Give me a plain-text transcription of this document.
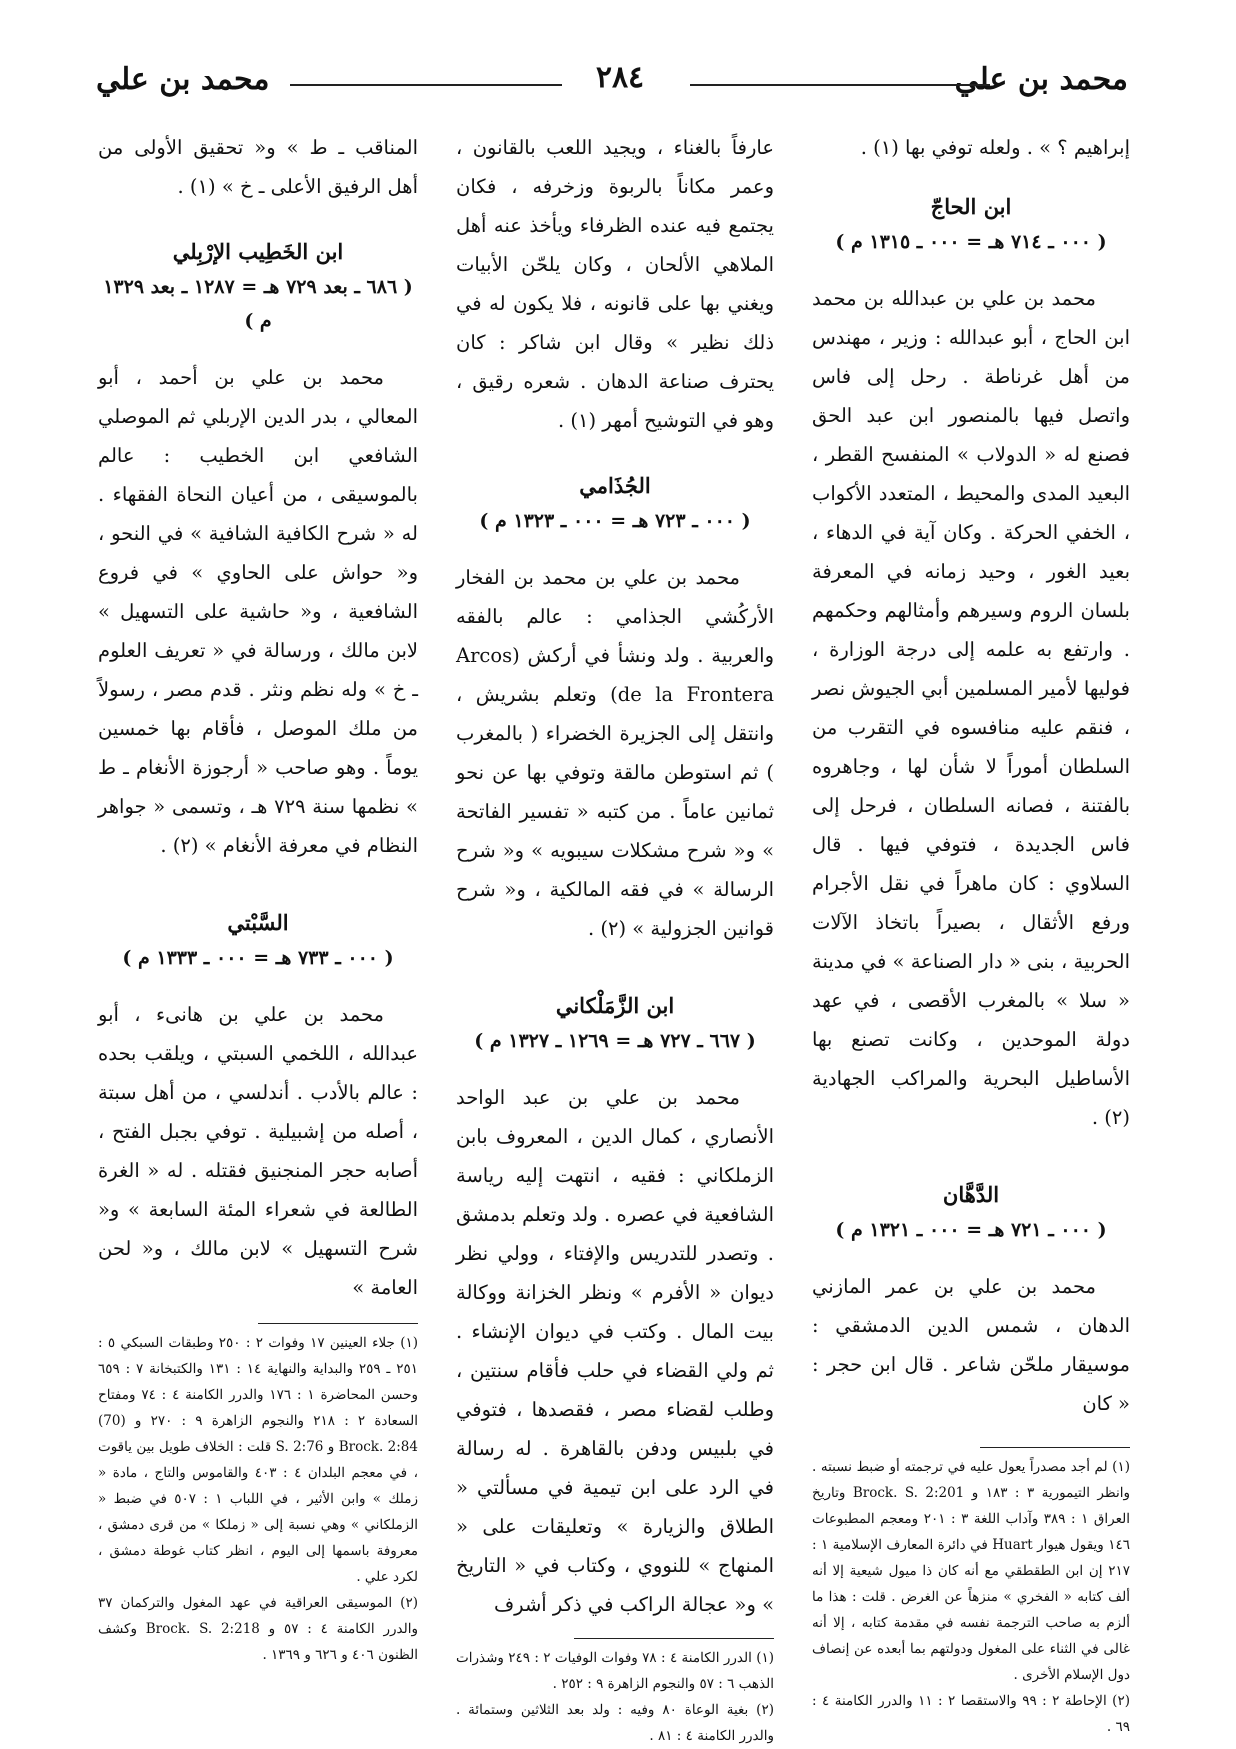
محمد بن علي
٢٨٤
محمد بن علي

إبراهيم ؟ » . ولعله توفي بها (١) .

ابن الحاجّ

( ٠٠٠ ـ ٧١٤ هـ = ٠٠٠ ـ ١٣١٥ م )

محمد بن علي بن عبدالله بن محمد ابن الحاج ، أبو عبدالله : وزير ، مهندس من أهل غرناطة . رحل إلى فاس واتصل فيها بالمنصور ابن عبد الحق فصنع له « الدولاب » المنفسح القطر ، البعيد المدى والمحيط ، المتعدد الأكواب ، الخفي الحركة . وكان آية في الدهاء ، بعيد الغور ، وحيد زمانه في المعرفة بلسان الروم وسيرهم وأمثالهم وحكمهم . وارتفع به علمه إلى درجة الوزارة ، فوليها لأمير المسلمين أبي الجيوش نصر ، فنقم عليه منافسوه في التقرب من السلطان أموراً لا شأن لها ، وجاهروه بالفتنة ، فصانه السلطان ، فرحل إلى فاس الجديدة ، فتوفي فيها . قال السلاوي : كان ماهراً في نقل الأجرام ورفع الأثقال ، بصيراً باتخاذ الآلات الحربية ، بنى « دار الصناعة » في مدينة « سلا » بالمغرب الأقصى ، في عهد دولة الموحدين ، وكانت تصنع بها الأساطيل البحرية والمراكب الجهادية (٢) .

الدَّهَّان

( ٠٠٠ ـ ٧٢١ هـ = ٠٠٠ ـ ١٣٢١ م )

محمد بن علي بن عمر المازني الدهان ، شمس الدين الدمشقي : موسيقار ملحّن شاعر . قال ابن حجر : « كان

(١) لم أجد مصدراً يعول عليه في ترجمته أو ضبط نسبته . وانظر التيمورية ٣ : ١٨٣ و Brock. S. 2:201 وتاريخ العراق ١ : ٣٨٩ وآداب اللغة ٣ : ٢٠١ ومعجم المطبوعات ١٤٦ ويقول هيوار Huart في دائرة المعارف الإسلامية ١ : ٢١٧ إن ابن الطقطقي مع أنه كان ذا ميول شيعية إلا أنه ألف كتابه « الفخري » منزهاً عن الغرض . قلت : هذا ما ألزم به صاحب الترجمة نفسه في مقدمة كتابه ، إلا أنه غالى في الثناء على المغول ودولتهم بما أبعده عن إنصاف دول الإسلام الأخرى .

(٢) الإحاطة ٢ : ٩٩ والاستقصا ٢ : ١١ والدرر الكامنة ٤ : ٦٩ .

عارفاً بالغناء ، ويجيد اللعب بالقانون ، وعمر مكاناً بالربوة وزخرفه ، فكان يجتمع فيه عنده الظرفاء ويأخذ عنه أهل الملاهي الألحان ، وكان يلحّن الأبيات ويغني بها على قانونه ، فلا يكون له في ذلك نظير » وقال ابن شاكر : كان يحترف صناعة الدهان . شعره رقيق ، وهو في التوشيح أمهر (١) .

الجُذَامي

( ٠٠٠ ـ ٧٢٣ هـ = ٠٠٠ ـ ١٣٢٣ م )

محمد بن علي بن محمد بن الفخار الأركُشي الجذامي : عالم بالفقه والعربية . ولد ونشأ في أركش (Arcos de la Frontera) وتعلم بشريش ، وانتقل إلى الجزيرة الخضراء ( بالمغرب ) ثم استوطن مالقة وتوفي بها عن نحو ثمانين عاماً . من كتبه « تفسير الفاتحة » و« شرح مشكلات سيبويه » و« شرح الرسالة » في فقه المالكية ، و« شرح قوانين الجزولية » (٢) .

ابن الزَّمَلْكاني

( ٦٦٧ ـ ٧٢٧ هـ = ١٢٦٩ ـ ١٣٢٧ م )

محمد بن علي بن عبد الواحد الأنصاري ، كمال الدين ، المعروف بابن الزملكاني : فقيه ، انتهت إليه رياسة الشافعية في عصره . ولد وتعلم بدمشق . وتصدر للتدريس والإفتاء ، وولي نظر ديوان « الأفرم » ونظر الخزانة ووكالة بيت المال . وكتب في ديوان الإنشاء . ثم ولي القضاء في حلب فأقام سنتين ، وطلب لقضاء مصر ، فقصدها ، فتوفي في بلبيس ودفن بالقاهرة . له رسالة في الرد على ابن تيمية في مسألتي « الطلاق والزيارة » وتعليقات على « المنهاج » للنووي ، وكتاب في « التاريخ » و« عجالة الراكب في ذكر أشرف

(١) الدرر الكامنة ٤ : ٧٨ وفوات الوفيات ٢ : ٢٤٩ وشذرات الذهب ٦ : ٥٧ والنجوم الزاهرة ٩ : ٢٥٢ .

(٢) بغية الوعاة ٨٠ وفيه : ولد بعد الثلاثين وستمائة . والدرر الكامنة ٤ : ٨١ .

المناقب ـ ط » و« تحقيق الأولى من أهل الرفيق الأعلى ـ خ » (١) .

ابن الخَطِيب الإرْبِلي

( ٦٨٦ ـ بعد ٧٢٩ هـ = ١٢٨٧ ـ بعد ١٣٢٩ م )

محمد بن علي بن أحمد ، أبو المعالي ، بدر الدين الإربلي ثم الموصلي الشافعي ابن الخطيب : عالم بالموسيقى ، من أعيان النحاة الفقهاء . له « شرح الكافية الشافية » في النحو ، و« حواش على الحاوي » في فروع الشافعية ، و« حاشية على التسهيل » لابن مالك ، ورسالة في « تعريف العلوم ـ خ » وله نظم ونثر . قدم مصر ، رسولاً من ملك الموصل ، فأقام بها خمسين يوماً . وهو صاحب « أرجوزة الأنغام ـ ط » نظمها سنة ٧٢٩ هـ ، وتسمى « جواهر النظام في معرفة الأنغام » (٢) .

السَّبْتي

( ٠٠٠ ـ ٧٣٣ هـ = ٠٠٠ ـ ١٣٣٣ م )

محمد بن علي بن هانىء ، أبو عبدالله ، اللخمي السبتي ، ويلقب بحده : عالم بالأدب . أندلسي ، من أهل سبتة ، أصله من إشبيلية . توفي بجبل الفتح ، أصابه حجر المنجنيق فقتله . له « الغرة الطالعة في شعراء المئة السابعة » و« شرح التسهيل » لابن مالك ، و« لحن العامة »

(١) جلاء العينين ١٧ وفوات ٢ : ٢٥٠ وطبقات السبكي ٥ : ٢٥١ ـ ٢٥٩ والبداية والنهاية ١٤ : ١٣١ والكتبخانة ٧ : ٦٥٩ وحسن المحاضرة ١ : ١٧٦ والدرر الكامنة ٤ : ٧٤ ومفتاح السعادة ٢ : ٢١٨ والنجوم الزاهرة ٩ : ٢٧٠ و (70) Brock. 2:84 و S. 2:76 قلت : الخلاف طويل بين ياقوت ، في معجم البلدان ٤ : ٤٠٣ والقاموس والتاج ، مادة « زملك » وابن الأثير ، في اللباب ١ : ٥٠٧ في ضبط « الزملكاني » وهي نسبة إلى « زملكا » من قرى دمشق ، معروفة باسمها إلى اليوم ، انظر كتاب غوطة دمشق ، لكرد علي .

(٢) الموسيقى العراقية في عهد المغول والتركمان ٣٧ والدرر الكامنة ٤ : ٥٧ و Brock. S. 2:218 وكشف الظنون ٤٠٦ و ٦٢٦ و ١٣٦٩ .
